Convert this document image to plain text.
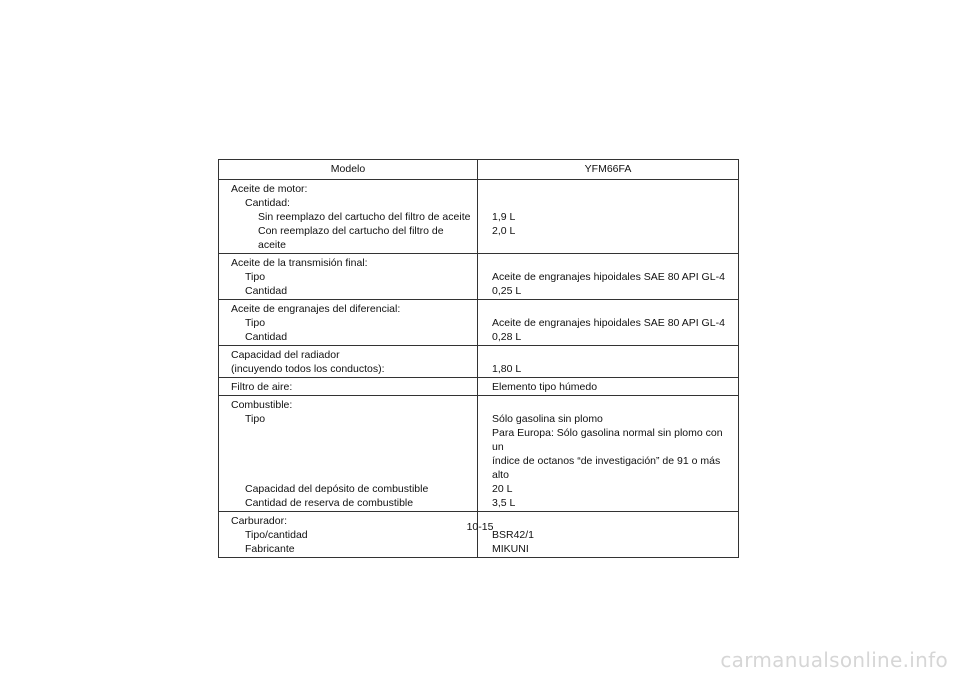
Modelo	YFM66FA
Aceite de motor:	
Cantidad:	
Sin reemplazo del cartucho del filtro de aceite	1,9 L
Con reemplazo del cartucho del filtro de aceite	2,0 L
Aceite de la transmisión final:	
Tipo	Aceite de engranajes hipoidales SAE 80 API GL-4
Cantidad	0,25 L
Aceite de engranajes del diferencial:	
Tipo	Aceite de engranajes hipoidales SAE 80 API GL-4
Cantidad	0,28 L
Capacidad del radiador	
(incuyendo todos los conductos):	1,80 L
Filtro de aire:	Elemento tipo húmedo
Combustible:	
Tipo	Sólo gasolina sin plomo
	Para Europa: Sólo gasolina normal sin plomo con un
	índice de octanos “de investigación” de 91 o más alto
Capacidad del depósito de combustible	20 L
Cantidad de reserva de combustible	3,5 L
Carburador:	
Tipo/cantidad	BSR42/1
Fabricante	MIKUNI
10-15
carmanualsonline.info
